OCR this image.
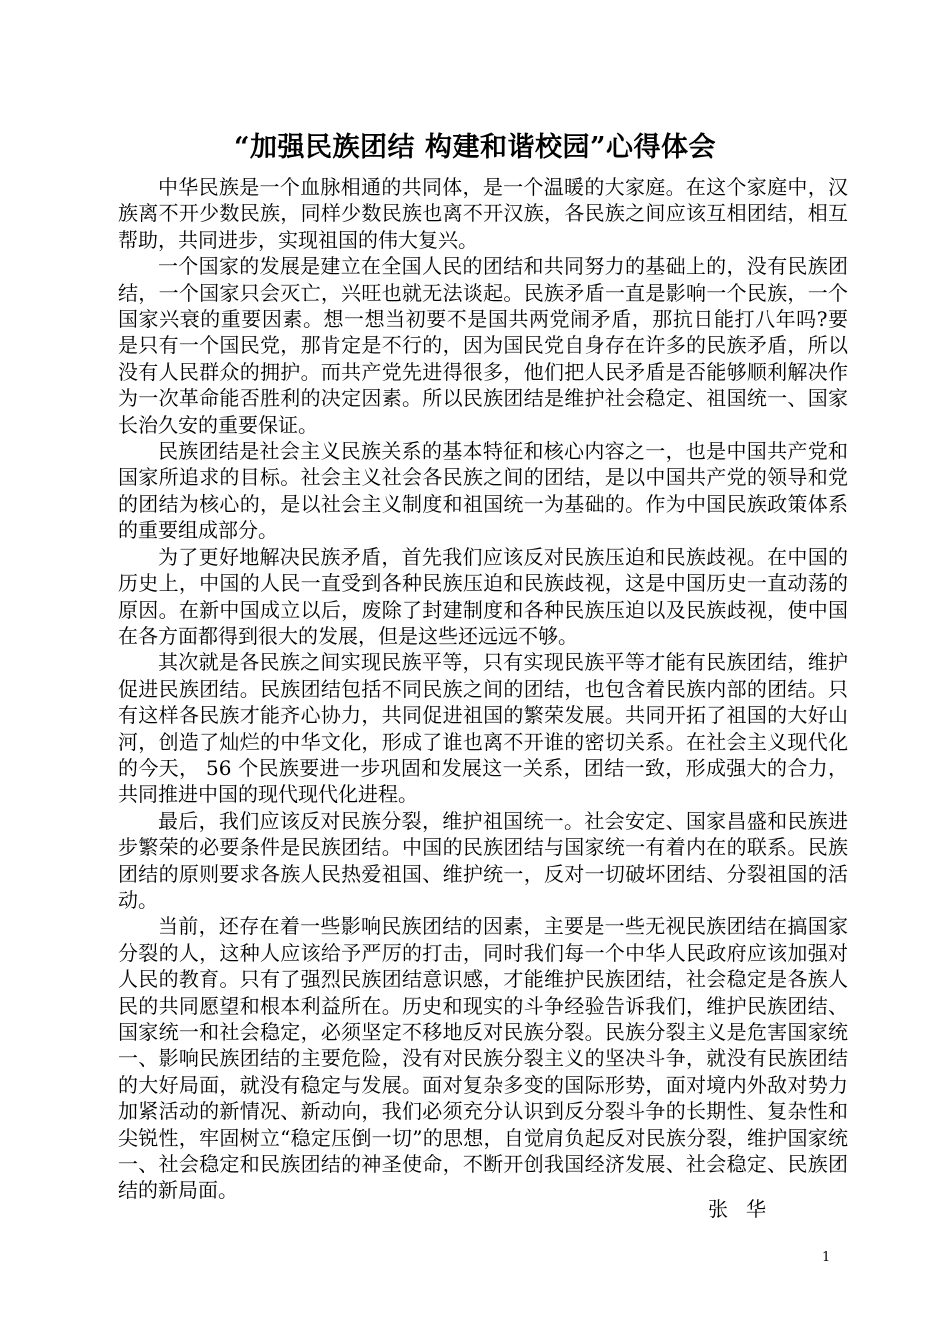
“加强民族团结 构建和谐校园”心得体会

中华民族是一个血脉相通的共同体，是一个温暖的大家庭。在这个家庭中，汉族离不开少数民族，同样少数民族也离不开汉族，各民族之间应该互相团结，相互帮助，共同进步，实现祖国的伟大复兴。

一个国家的发展是建立在全国人民的团结和共同努力的基础上的，没有民族团结，一个国家只会灭亡，兴旺也就无法谈起。民族矛盾一直是影响一个民族，一个国家兴衰的重要因素。想一想当初要不是国共两党闹矛盾，那抗日能打八年吗?要是只有一个国民党，那肯定是不行的，因为国民党自身存在许多的民族矛盾，所以没有人民群众的拥护。而共产党先进得很多，他们把人民矛盾是否能够顺利解决作为一次革命能否胜利的决定因素。所以民族团结是维护社会稳定、祖国统一、国家长治久安的重要保证。

民族团结是社会主义民族关系的基本特征和核心内容之一，也是中国共产党和国家所追求的目标。社会主义社会各民族之间的团结，是以中国共产党的领导和党的团结为核心的，是以社会主义制度和祖国统一为基础的。作为中国民族政策体系的重要组成部分。

为了更好地解决民族矛盾，首先我们应该反对民族压迫和民族歧视。在中国的历史上，中国的人民一直受到各种民族压迫和民族歧视，这是中国历史一直动荡的原因。在新中国成立以后，废除了封建制度和各种民族压迫以及民族歧视，使中国在各方面都得到很大的发展，但是这些还远远不够。

其次就是各民族之间实现民族平等，只有实现民族平等才能有民族团结，维护促进民族团结。民族团结包括不同民族之间的团结，也包含着民族内部的团结。只有这样各民族才能齐心协力，共同促进祖国的繁荣发展。共同开拓了祖国的大好山河，创造了灿烂的中华文化，形成了谁也离不开谁的密切关系。在社会主义现代化的今天， 56 个民族要进一步巩固和发展这一关系，团结一致，形成强大的合力，共同推进中国的现代现代化进程。

最后，我们应该反对民族分裂，维护祖国统一。社会安定、国家昌盛和民族进步繁荣的必要条件是民族团结。中国的民族团结与国家统一有着内在的联系。民族团结的原则要求各族人民热爱祖国、维护统一，反对一切破坏团结、分裂祖国的活动。

当前，还存在着一些影响民族团结的因素，主要是一些无视民族团结在搞国家分裂的人，这种人应该给予严厉的打击，同时我们每一个中华人民政府应该加强对人民的教育。只有了强烈民族团结意识感，才能维护民族团结，社会稳定是各族人民的共同愿望和根本利益所在。历史和现实的斗争经验告诉我们，维护民族团结、国家统一和社会稳定，必须坚定不移地反对民族分裂。民族分裂主义是危害国家统一、影响民族团结的主要危险，没有对民族分裂主义的坚决斗争，就没有民族团结的大好局面，就没有稳定与发展。面对复杂多变的国际形势，面对境内外敌对势力加紧活动的新情况、新动向，我们必须充分认识到反分裂斗争的长期性、复杂性和尖锐性，牢固树立“稳定压倒一切”的思想，自觉肩负起反对民族分裂，维护国家统一、社会稳定和民族团结的神圣使命，不断开创我国经济发展、社会稳定、民族团结的新局面。

张华

1
